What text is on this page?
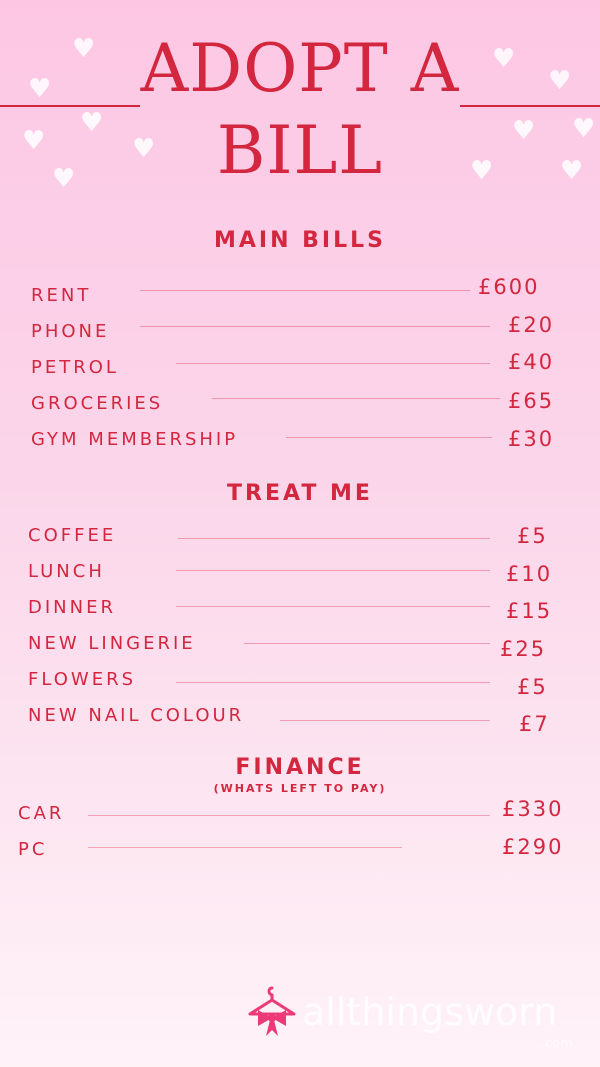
♥
♥
♥
♥	♥
♥
♥
♥
♥ ♥
♥	♥
ADOPT A
BILL
MAIN BILLS
RENT	£600
PHONE	£20
PETROL	£40
GROCERIES	£65
GYM MEMBERSHIP	£30
TREAT ME
COFFEE	£5
LUNCH	£10
DINNER	£15
NEW LINGERIE	£25
FLOWERS	£5
NEW NAIL COLOUR	£7
FINANCE
(WHATS LEFT TO PAY)
CAR	£330
PC	£290
allthingsworn
.com
